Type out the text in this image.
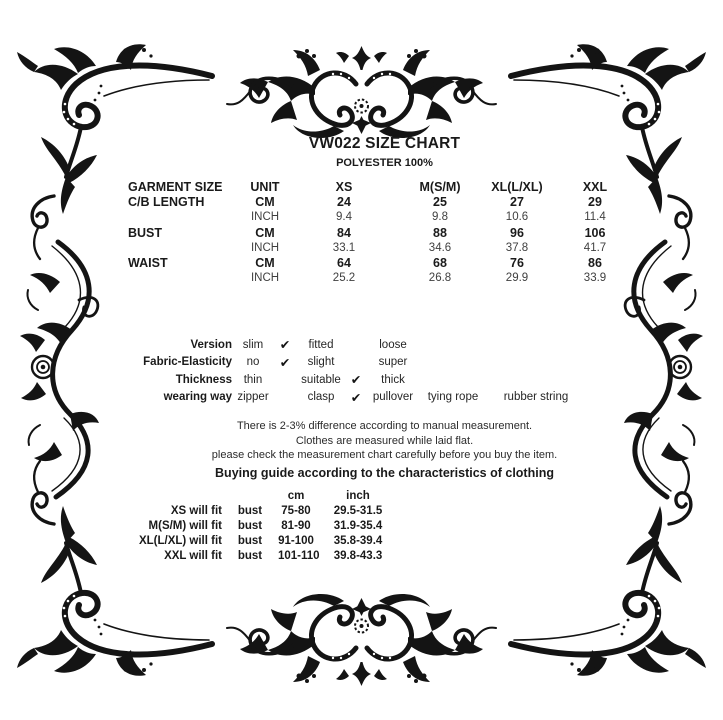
VW022 SIZE CHART
POLYESTER 100%
GARMENT SIZE	UNIT	XS	M(S/M)	XL(L/XL)	XXL
C/B LENGTH	CM	24	25	27	29
INCH	9.4	9.8	10.6	11.4
BUST	CM	84	88	96	106
INCH	33.1	34.6	37.8	41.7
WAIST	CM	64	68	76	86
INCH	25.2	26.8	29.9	33.9
Version slim	✔	fitted	loose
Fabric-Elasticity	no	✔	slight	super
Thickness	thin	suitable ✔	thick
wearing way zipper	clasp	✔	pullover	tying rope	rubber string
There is 2-3% difference according to manual measurement.
Clothes are measured while laid flat.
please check the measurement chart carefully before you buy the item.
Buying guide according to the characteristics of clothing
cm	inch
XS will fit	bust	75-80	29.5-31.5
M(S/M) will fit	bust	81-90	31.9-35.4
XL(L/XL) will fit	bust	91-100	35.8-39.4
XXL will fit	bust	101-110	39.8-43.3
